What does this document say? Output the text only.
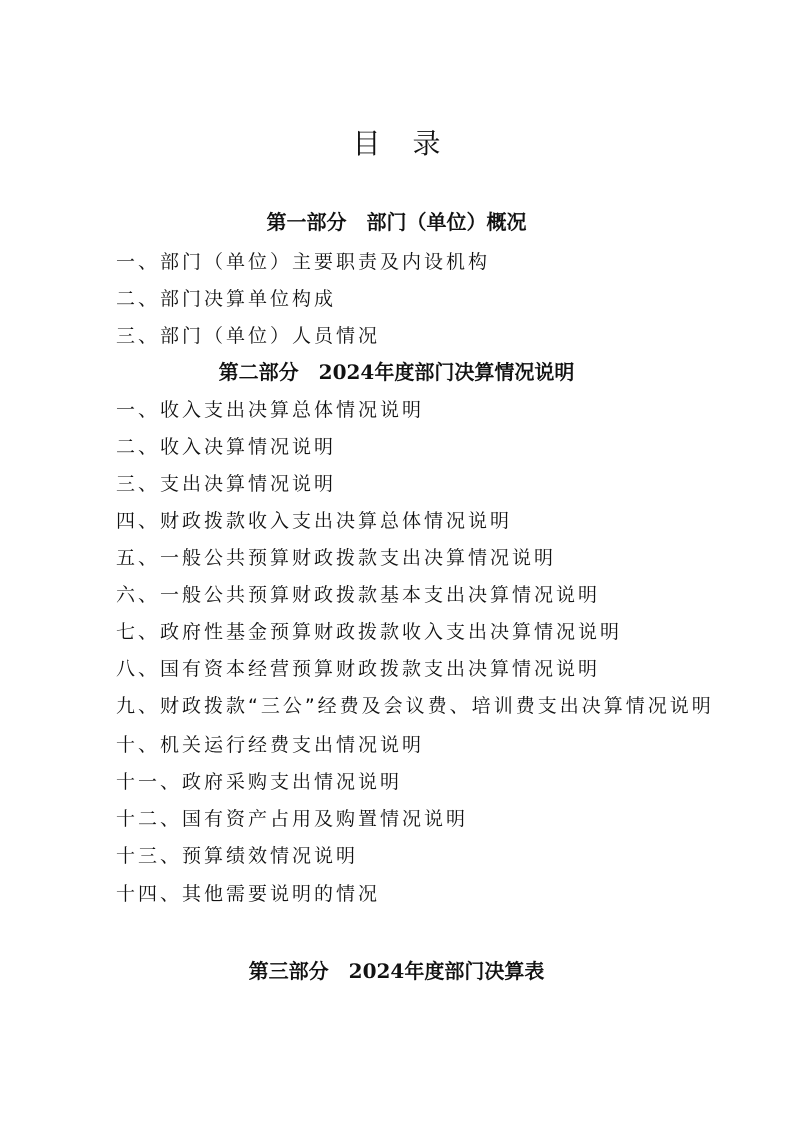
目录
第一部分　部门（单位）概况
一、部门（单位）主要职责及内设机构
二、部门决算单位构成
三、部门（单位）人员情况
第二部分　2024年度部门决算情况说明
一、收入支出决算总体情况说明
二、收入决算情况说明
三、支出决算情况说明
四、财政拨款收入支出决算总体情况说明
五、一般公共预算财政拨款支出决算情况说明
六、一般公共预算财政拨款基本支出决算情况说明
七、政府性基金预算财政拨款收入支出决算情况说明
八、国有资本经营预算财政拨款支出决算情况说明
九、财政拨款“三公”经费及会议费、培训费支出决算情况说明
十、机关运行经费支出情况说明
十一、政府采购支出情况说明
十二、国有资产占用及购置情况说明
十三、预算绩效情况说明
十四、其他需要说明的情况
第三部分　2024年度部门决算表
